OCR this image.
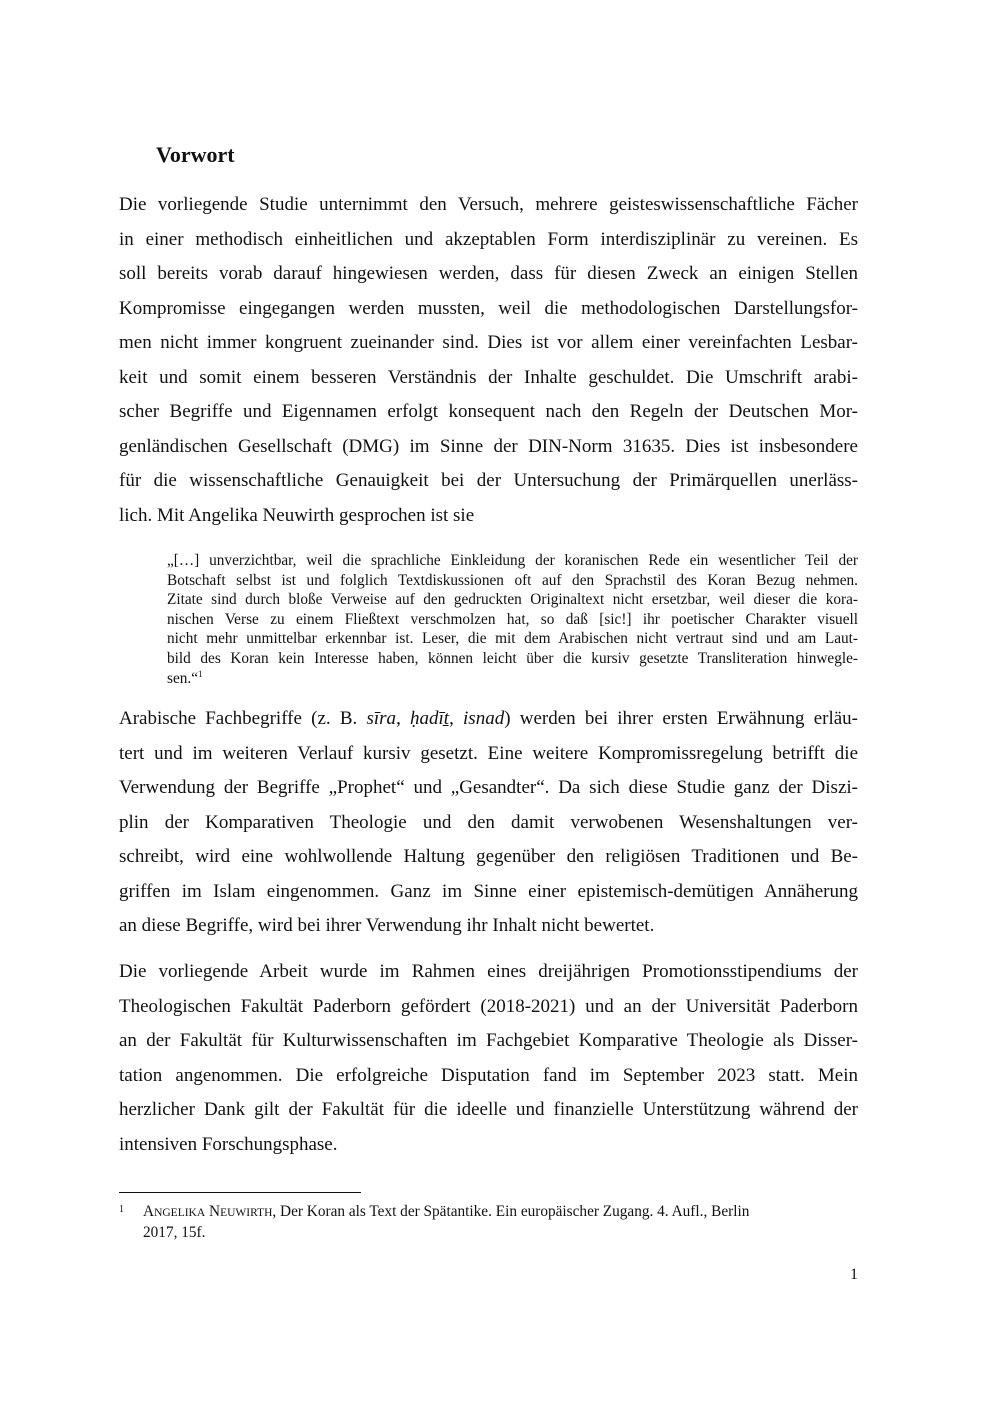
Vorwort

Die vorliegende Studie unternimmt den Versuch, mehrere geisteswissenschaftliche Fächer
in einer methodisch einheitlichen und akzeptablen Form interdisziplinär zu vereinen. Es
soll bereits vorab darauf hingewiesen werden, dass für diesen Zweck an einigen Stellen
Kompromisse eingegangen werden mussten, weil die methodologischen Darstellungsfor-
men nicht immer kongruent zueinander sind. Dies ist vor allem einer vereinfachten Lesbar-
keit und somit einem besseren Verständnis der Inhalte geschuldet. Die Umschrift arabi-
scher Begriffe und Eigennamen erfolgt konsequent nach den Regeln der Deutschen Mor-
genländischen Gesellschaft (DMG) im Sinne der DIN-Norm 31635. Dies ist insbesondere
für die wissenschaftliche Genauigkeit bei der Untersuchung der Primärquellen unerläss-
lich. Mit Angelika Neuwirth gesprochen ist sie

„[…] unverzichtbar, weil die sprachliche Einkleidung der koranischen Rede ein wesentlicher Teil der
Botschaft selbst ist und folglich Textdiskussionen oft auf den Sprachstil des Koran Bezug nehmen.
Zitate sind durch bloße Verweise auf den gedruckten Originaltext nicht ersetzbar, weil dieser die kora-
nischen Verse zu einem Fließtext verschmolzen hat, so daß [sic!] ihr poetischer Charakter visuell
nicht mehr unmittelbar erkennbar ist. Leser, die mit dem Arabischen nicht vertraut sind und am Laut-
bild des Koran kein Interesse haben, können leicht über die kursiv gesetzte Transliteration hinwegle-
sen.“$^1$

Arabische Fachbegriffe (z. B. sīra, ḥadīṯ, isnad) werden bei ihrer ersten Erwähnung erläu-
tert und im weiteren Verlauf kursiv gesetzt. Eine weitere Kompromissregelung betrifft die
Verwendung der Begriffe „Prophet“ und „Gesandter“. Da sich diese Studie ganz der Diszi-
plin der Komparativen Theologie und den damit verwobenen Wesenshaltungen ver-
schreibt, wird eine wohlwollende Haltung gegenüber den religiösen Traditionen und Be-
griffen im Islam eingenommen. Ganz im Sinne einer epistemisch-demütigen Annäherung
an diese Begriffe, wird bei ihrer Verwendung ihr Inhalt nicht bewertet.

Die vorliegende Arbeit wurde im Rahmen eines dreijährigen Promotionsstipendiums der
Theologischen Fakultät Paderborn gefördert (2018-2021) und an der Universität Paderborn
an der Fakultät für Kulturwissenschaften im Fachgebiet Komparative Theologie als Disser-
tation angenommen. Die erfolgreiche Disputation fand im September 2023 statt. Mein
herzlicher Dank gilt der Fakultät für die ideelle und finanzielle Unterstützung während der
intensiven Forschungsphase.

1	ANGELIKA NEUWIRTH, Der Koran als Text der Spätantike. Ein europäischer Zugang. 4. Aufl., Berlin
2017, 15f.
1
